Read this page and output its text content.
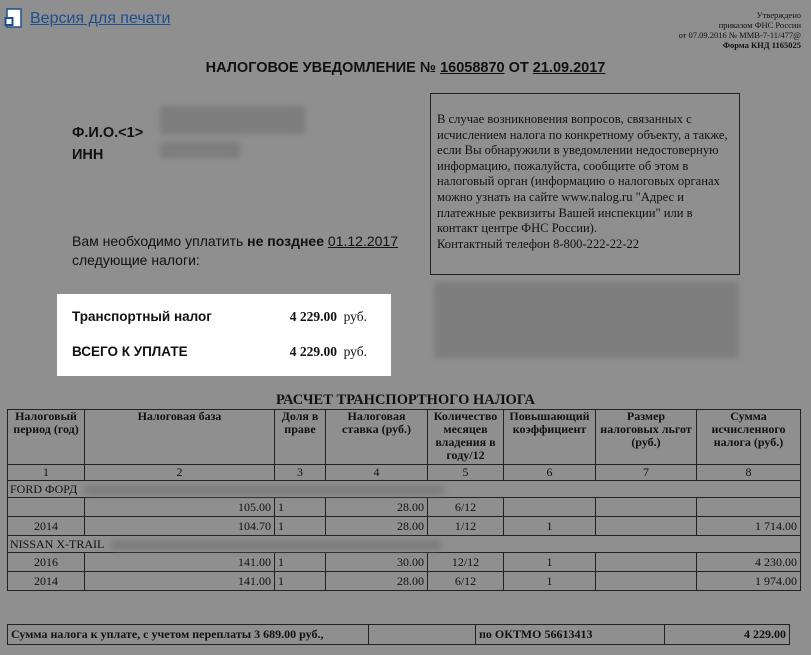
Версия для печати	Утверждено
приказом ФНС России
от 07.09.2016 № ММВ-7-11/477@
Форма КНД 1165025
НАЛОГОВОЕ УВЕДОМЛЕНИЕ № 16058870 ОТ 21.09.2017
Ф.И.О.<1>
ИНН
В случае возникновения вопросов, связанных с исчислением налога по конкретному объекту, а также, если Вы обнаружили в уведомлении недостоверную информацию, пожалуйста, сообщите об этом в налоговый орган (информацию о налоговых органах можно узнать на сайте www.nalog.ru "Адрес и платежные реквизиты Вашей инспекции" или в контакт центре ФНС России).
Контактный телефон 8-800-222-22-22
Вам необходимо уплатить не позднее 01.12.2017
следующие налоги:
Транспортный налог	4 229.00 руб.
ВСЕГО К УПЛАТЕ	4 229.00 руб.
РАСЧЕТ ТРАНСПОРТНОГО НАЛОГА
Налоговый период (год)	Налоговая база	Доля в праве	Налоговая ставка (руб.)	Количество месяцев владения в году/12	Повышающий коэффициент	Размер налоговых льгот (руб.)	Сумма исчисленного налога (руб.)
1	2	3	4	5	6	7	8
FORD ФОРД							
	105.00	1	28.00	6/12			
2014	104.70	1	28.00	1/12	1		1 714.00
NISSAN X-TRAIL							
2016	141.00	1	30.00	12/12	1		4 230.00
2014	141.00	1	28.00	6/12	1		1 974.00
Сумма налога к уплате, с учетом переплаты 3 689.00 руб.,		по ОКТМО 56613413	4 229.00
